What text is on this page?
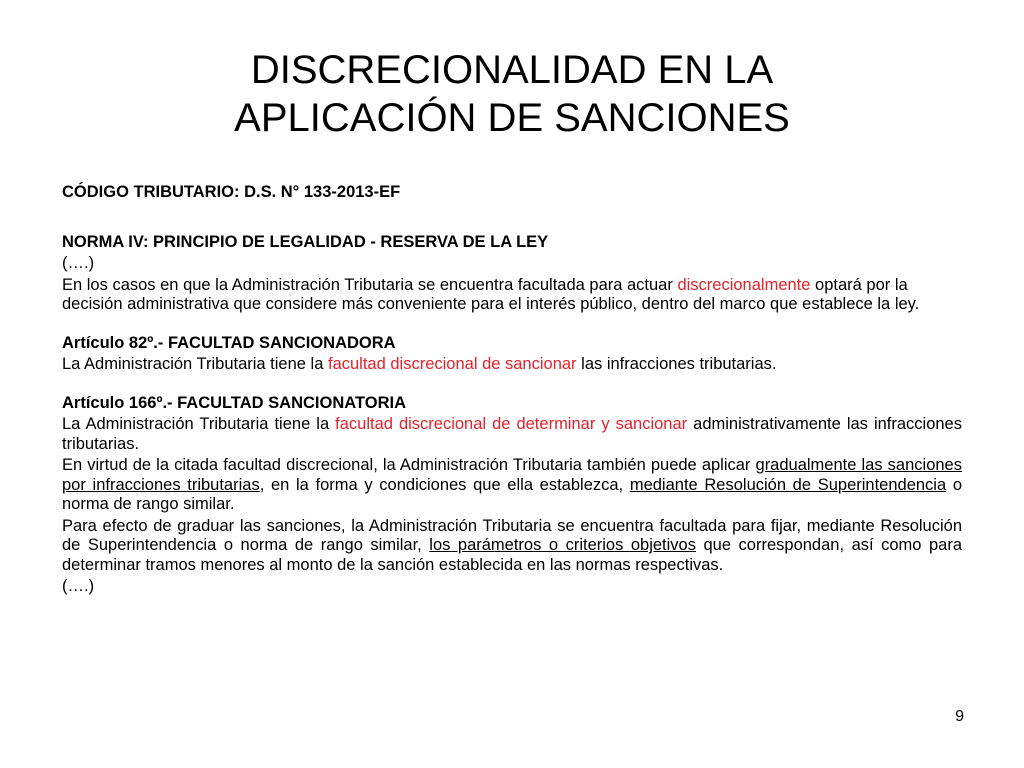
DISCRECIONALIDAD EN LA
APLICACIÓN DE SANCIONES

CÓDIGO TRIBUTARIO: D.S. N° 133-2013-EF

NORMA IV: PRINCIPIO DE LEGALIDAD - RESERVA DE LA LEY

(….)

En los casos en que la Administración Tributaria se encuentra facultada para actuar discrecionalmente optará por la decisión administrativa que considere más conveniente para el interés público, dentro del marco que establece la ley.

Artículo 82º.- FACULTAD SANCIONADORA

La Administración Tributaria tiene la facultad discrecional de sancionar las infracciones tributarias.

Artículo 166º.- FACULTAD SANCIONATORIA

La Administración Tributaria tiene la facultad discrecional de determinar y sancionar administrativamente las infracciones tributarias.

En virtud de la citada facultad discrecional, la Administración Tributaria también puede aplicar gradualmente las sanciones por infracciones tributarias, en la forma y condiciones que ella establezca, mediante Resolución de Superintendencia o norma de rango similar.

Para efecto de graduar las sanciones, la Administración Tributaria se encuentra facultada para fijar, mediante Resolución de Superintendencia o norma de rango similar, los parámetros o criterios objetivos que correspondan, así como para determinar tramos menores al monto de la sanción establecida en las normas respectivas.

(….)

9
